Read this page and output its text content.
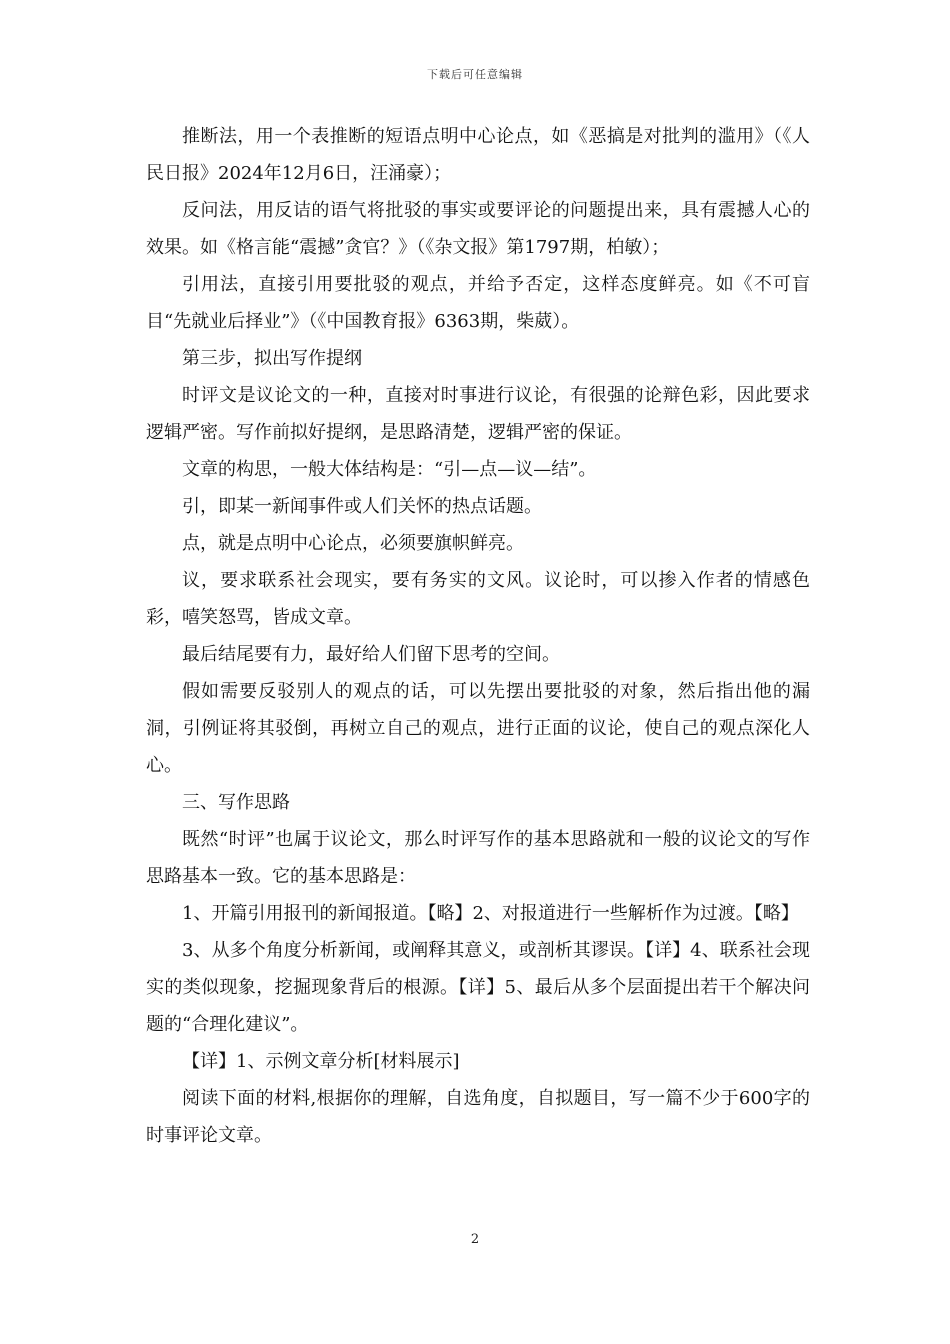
下载后可任意编辑

推断法，用一个表推断的短语点明中心论点，如《恶搞是对批判的滥用》（《人民日报》2024年12月6日，汪涌豪）；

反问法，用反诘的语气将批驳的事实或要评论的问题提出来，具有震撼人心的效果。如《格言能“震撼”贪官？》（《杂文报》第1797期，柏敏）；

引用法，直接引用要批驳的观点，并给予否定，这样态度鲜亮。如《不可盲目“先就业后择业”》（《中国教育报》6363期，柴葳）。

第三步，拟出写作提纲

时评文是议论文的一种，直接对时事进行议论，有很强的论辩色彩，因此要求逻辑严密。写作前拟好提纲，是思路清楚，逻辑严密的保证。

文章的构思，一般大体结构是：“引—点—议—结”。

引，即某一新闻事件或人们关怀的热点话题。

点，就是点明中心论点，必须要旗帜鲜亮。

议，要求联系社会现实，要有务实的文风。议论时，可以掺入作者的情感色彩，嘻笑怒骂，皆成文章。

最后结尾要有力，最好给人们留下思考的空间。

假如需要反驳别人的观点的话，可以先摆出要批驳的对象，然后指出他的漏洞，引例证将其驳倒，再树立自己的观点，进行正面的议论，使自己的观点深化人心。

三、写作思路

既然“时评”也属于议论文，那么时评写作的基本思路就和一般的议论文的写作思路基本一致。它的基本思路是：

1、开篇引用报刊的新闻报道。【略】2、对报道进行一些解析作为过渡。【略】

3、从多个角度分析新闻，或阐释其意义，或剖析其谬误。【详】4、联系社会现实的类似现象，挖掘现象背后的根源。【详】5、最后从多个层面提出若干个解决问题的“合理化建议”。

【详】1、示例文章分析[材料展示]

阅读下面的材料,根据你的理解，自选角度，自拟题目，写一篇不少于600字的时事评论文章。

2
